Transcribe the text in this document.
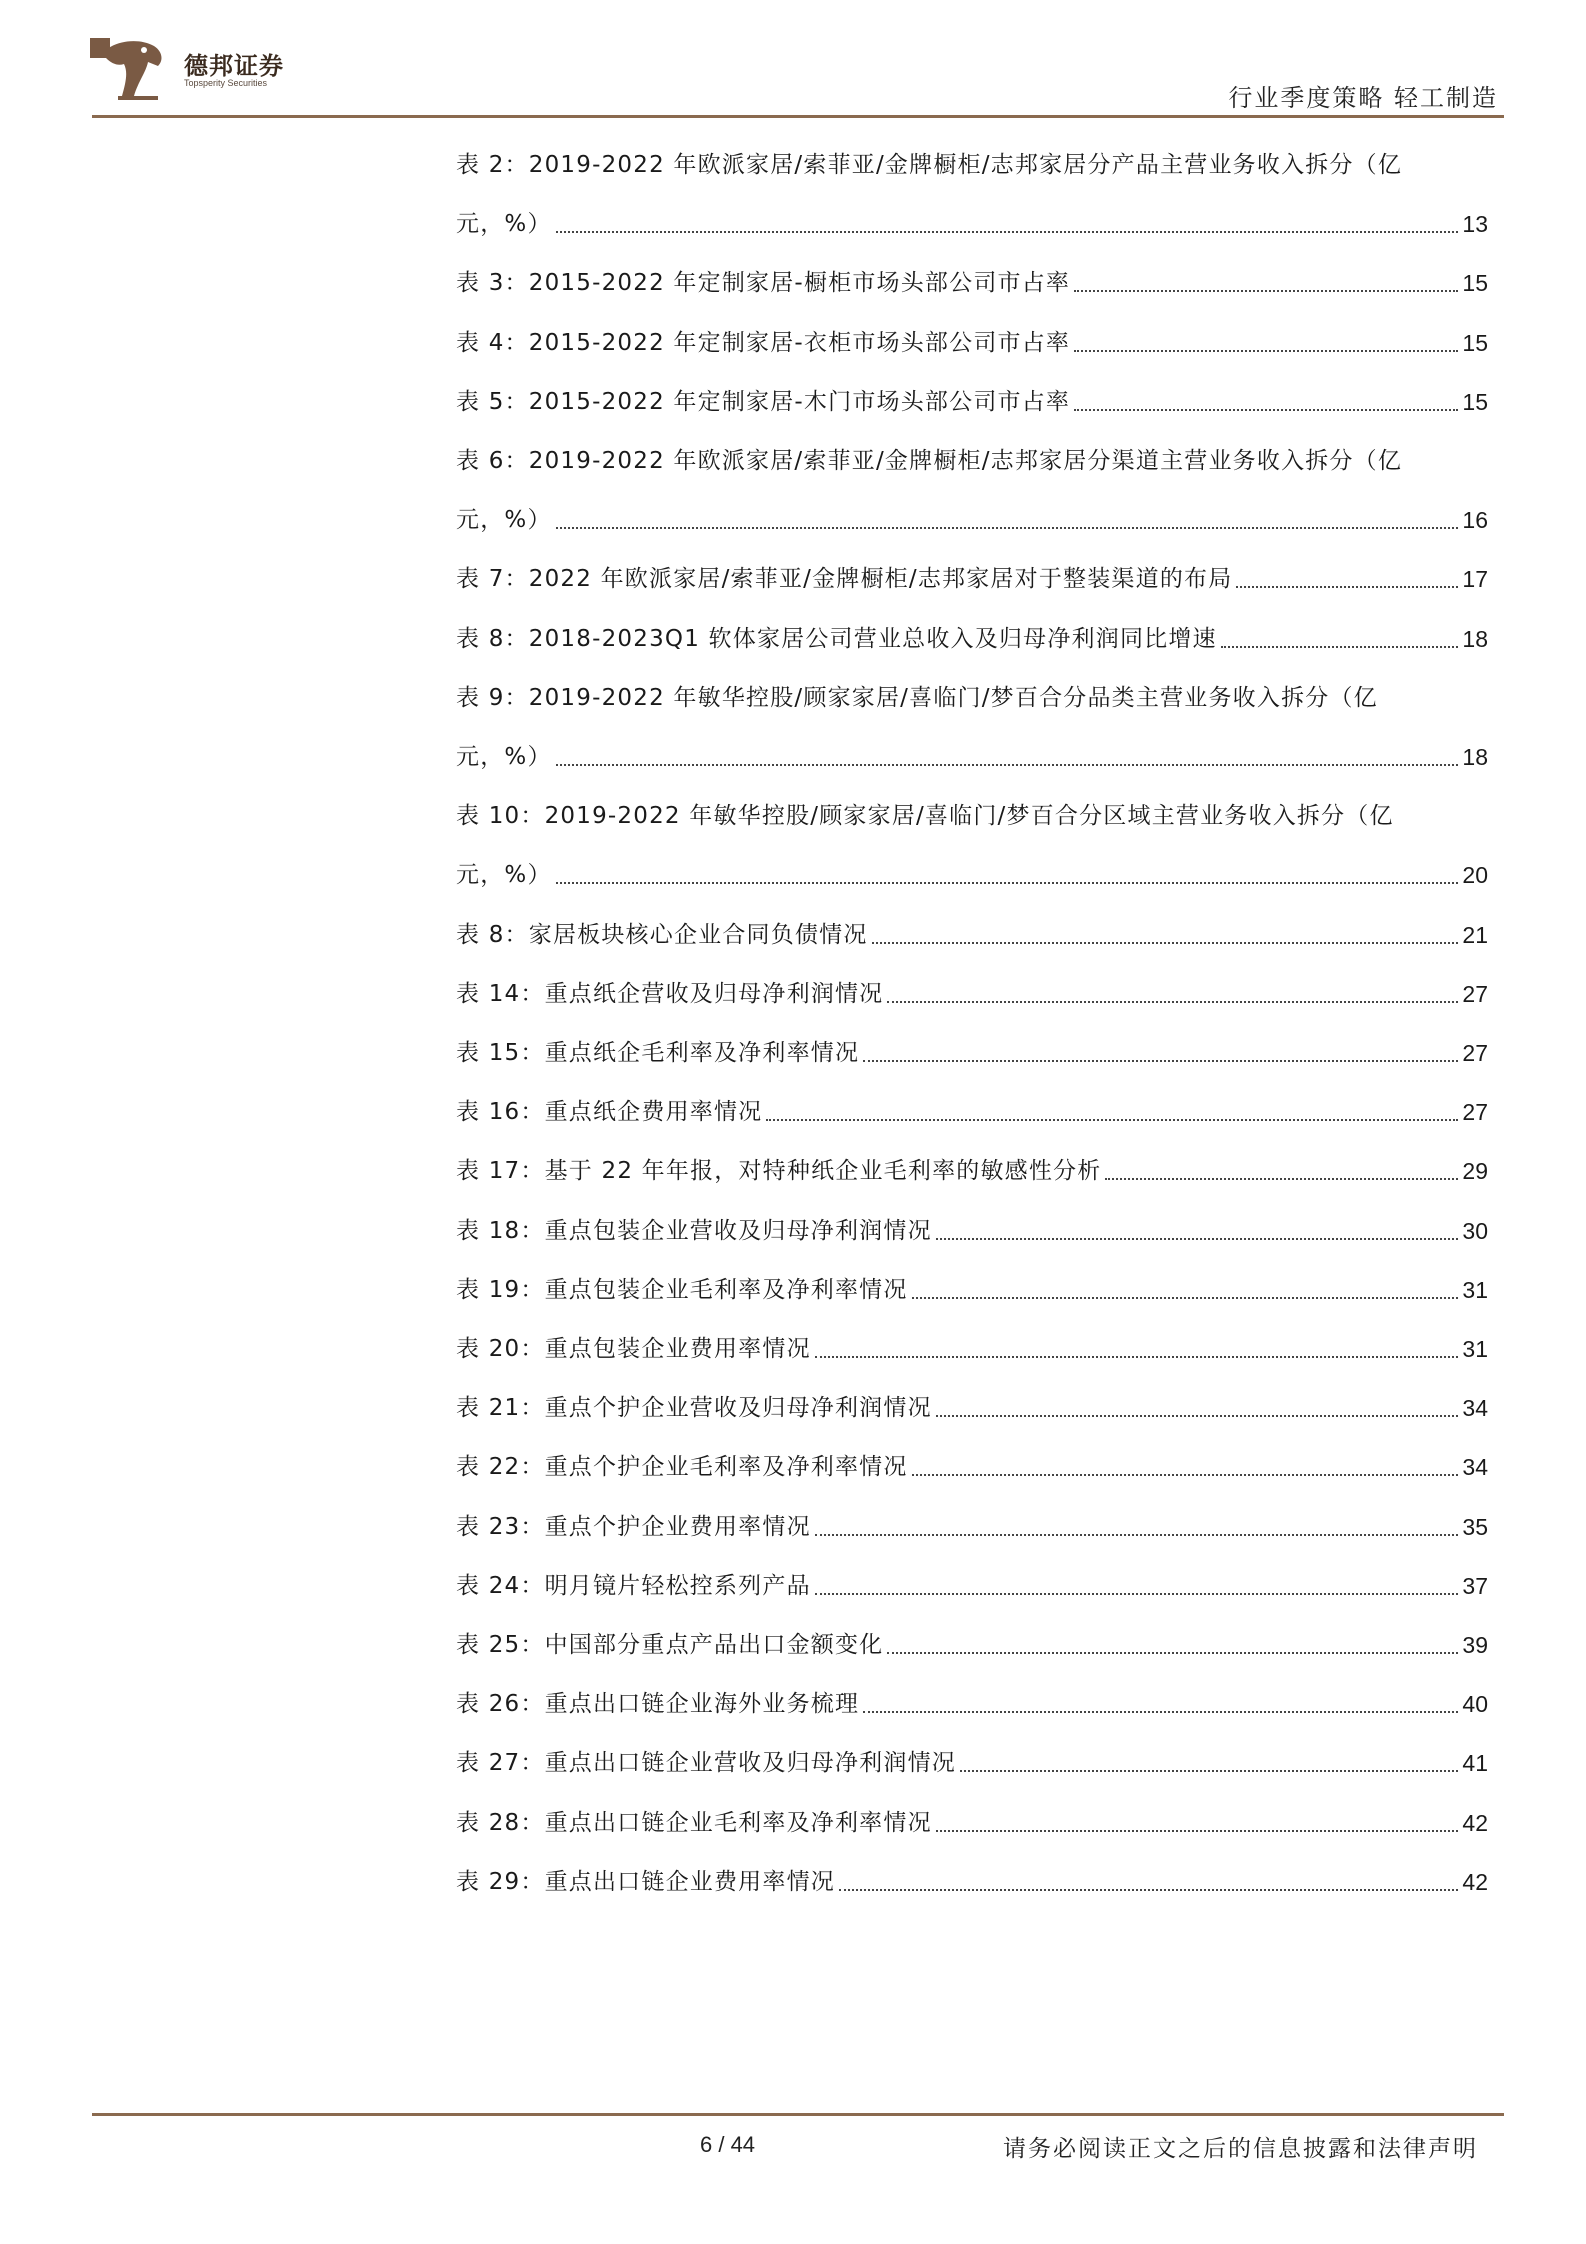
德邦证券
Topsperity Securities
行业季度策略 轻工制造
表 2：2019-2022 年欧派家居/索菲亚/金牌橱柜/志邦家居分产品主营业务收入拆分（亿
元，%）	13
表 3：2015-2022 年定制家居-橱柜市场头部公司市占率	15
表 4：2015-2022 年定制家居-衣柜市场头部公司市占率	15
表 5：2015-2022 年定制家居-木门市场头部公司市占率	15
表 6：2019-2022 年欧派家居/索菲亚/金牌橱柜/志邦家居分渠道主营业务收入拆分（亿
元，%）	16
表 7：2022 年欧派家居/索菲亚/金牌橱柜/志邦家居对于整装渠道的布局	17
表 8：2018-2023Q1 软体家居公司营业总收入及归母净利润同比增速	18
表 9：2019-2022 年敏华控股/顾家家居/喜临门/梦百合分品类主营业务收入拆分（亿
元，%）	18
表 10：2019-2022 年敏华控股/顾家家居/喜临门/梦百合分区域主营业务收入拆分（亿
元，%）	20
表 8：家居板块核心企业合同负债情况	21
表 14：重点纸企营收及归母净利润情况	27
表 15：重点纸企毛利率及净利率情况	27
表 16：重点纸企费用率情况	27
表 17：基于 22 年年报，对特种纸企业毛利率的敏感性分析	29
表 18：重点包装企业营收及归母净利润情况	30
表 19：重点包装企业毛利率及净利率情况	31
表 20：重点包装企业费用率情况	31
表 21：重点个护企业营收及归母净利润情况	34
表 22：重点个护企业毛利率及净利率情况	34
表 23：重点个护企业费用率情况	35
表 24：明月镜片轻松控系列产品	37
表 25：中国部分重点产品出口金额变化	39
表 26：重点出口链企业海外业务梳理	40
表 27：重点出口链企业营收及归母净利润情况	41
表 28：重点出口链企业毛利率及净利率情况	42
表 29：重点出口链企业费用率情况	42
6 / 44	请务必阅读正文之后的信息披露和法律声明
